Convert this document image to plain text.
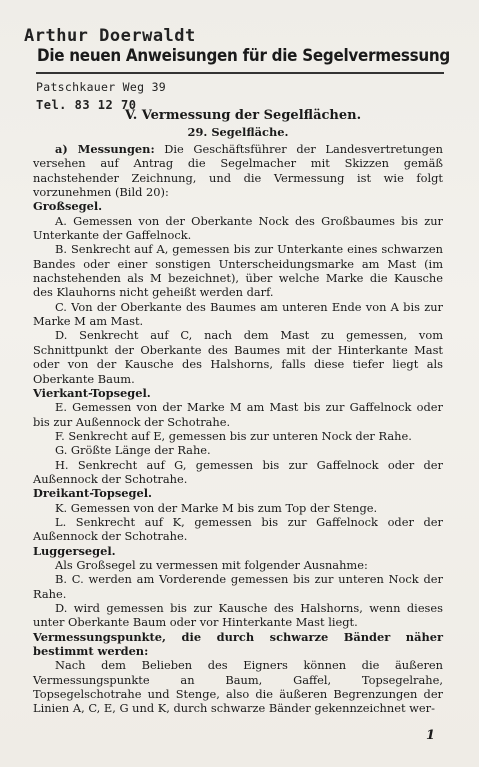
Arthur Doerwaldt
Die neuen Anweisungen für die Segelvermessung
Patschkauer Weg 39
Tel. 83 12 70
V. Vermessung der Segelflächen.
29. Segelfläche.

a) Messungen: Die Geschäftsführer der Landesvertretungen versehen auf Antrag die Segelmacher mit Skizzen gemäß nachstehender Zeichnung, und die Vermessung ist wie folgt vorzunehmen (Bild 20):

Großsegel.

A. Gemessen von der Oberkante Nock des Großbaumes bis zur Unterkante der Gaffelnock.

B. Senkrecht auf A, gemessen bis zur Unterkante eines schwarzen Bandes oder einer sonstigen Unterscheidungsmarke am Mast (im nachstehenden als M bezeichnet), über welche Marke die Kausche des Klauhorns nicht geheißt werden darf.

C. Von der Oberkante des Baumes am unteren Ende von A bis zur Marke M am Mast.

D. Senkrecht auf C, nach dem Mast zu gemessen, vom Schnittpunkt der Oberkante des Baumes mit der Hinterkante Mast oder von der Kausche des Halshorns, falls diese tiefer liegt als Oberkante Baum.

Vierkant-Topsegel.

E. Gemessen von der Marke M am Mast bis zur Gaffelnock oder bis zur Außennock der Schotrahe.

F. Senkrecht auf E, gemessen bis zur unteren Nock der Rahe.

G. Größte Länge der Rahe.

H. Senkrecht auf G, gemessen bis zur Gaffelnock oder der Außennock der Schotrahe.

Dreikant-Topsegel.

K. Gemessen von der Marke M bis zum Top der Stenge.

L. Senkrecht auf K, gemessen bis zur Gaffelnock oder der Außennock der Schotrahe.

Luggersegel.

Als Großsegel zu vermessen mit folgender Ausnahme:

B. C. werden am Vorderende gemessen bis zur unteren Nock der Rahe.

D. wird gemessen bis zur Kausche des Halshorns, wenn dieses unter Oberkante Baum oder vor Hinterkante Mast liegt.

Vermessungspunkte, die durch schwarze Bänder näher bestimmt werden:

Nach dem Belieben des Eigners können die äußeren Vermessungspunkte an Baum, Gaffel, Topsegelrahe, Topsegelschotrahe und Stenge, also die äußeren Begrenzungen der Linien A, C, E, G und K, durch schwarze Bänder gekennzeichnet wer-

1
